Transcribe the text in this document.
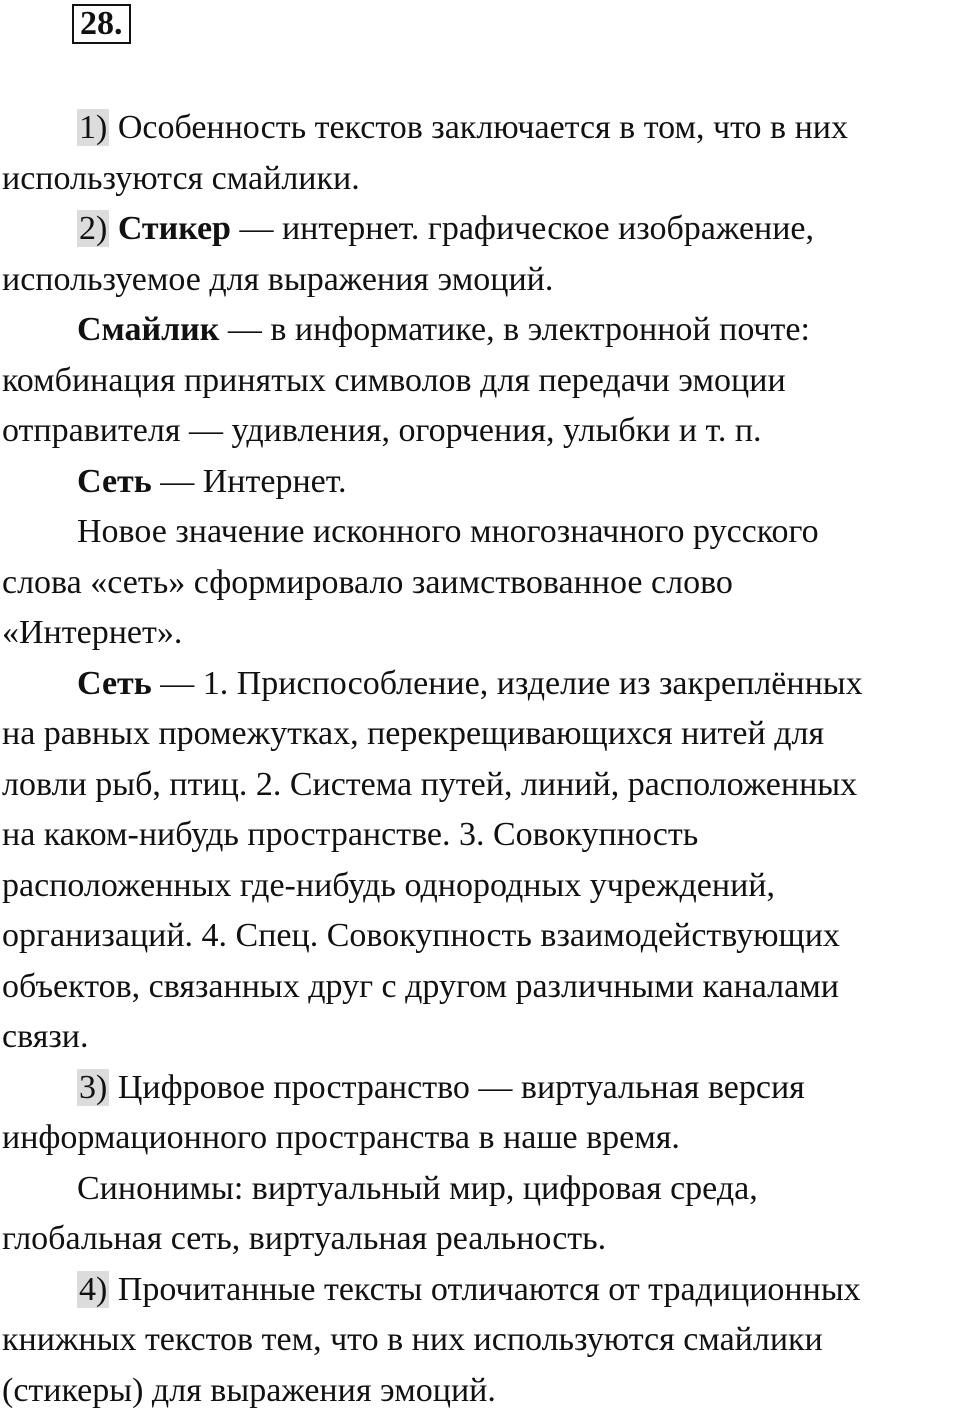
28.

1) Особенность текстов заключается в том, что в них
используются смайлики.

2) Стикер — интернет. графическое изображение,
используемое для выражения эмоций.

Смайлик — в информатике, в электронной почте:
комбинация принятых символов для передачи эмоции
отправителя — удивления, огорчения, улыбки и т. п.

Сеть — Интернет.

Новое значение исконного многозначного русского
слова «сеть» сформировало заимствованное слово
«Интернет».

Сеть — 1. Приспособление, изделие из закреплённых
на равных промежутках, перекрещивающихся нитей для
ловли рыб, птиц. 2. Система путей, линий, расположенных
на каком-нибудь пространстве. 3. Совокупность
расположенных где-нибудь однородных учреждений,
организаций. 4. Спец. Совокупность взаимодействующих
объектов, связанных друг с другом различными каналами
связи.

3) Цифровое пространство — виртуальная версия
информационного пространства в наше время.

Синонимы: виртуальный мир, цифровая среда,
глобальная сеть, виртуальная реальность.

4) Прочитанные тексты отличаются от традиционных
книжных текстов тем, что в них используются смайлики
(стикеры) для выражения эмоций.
